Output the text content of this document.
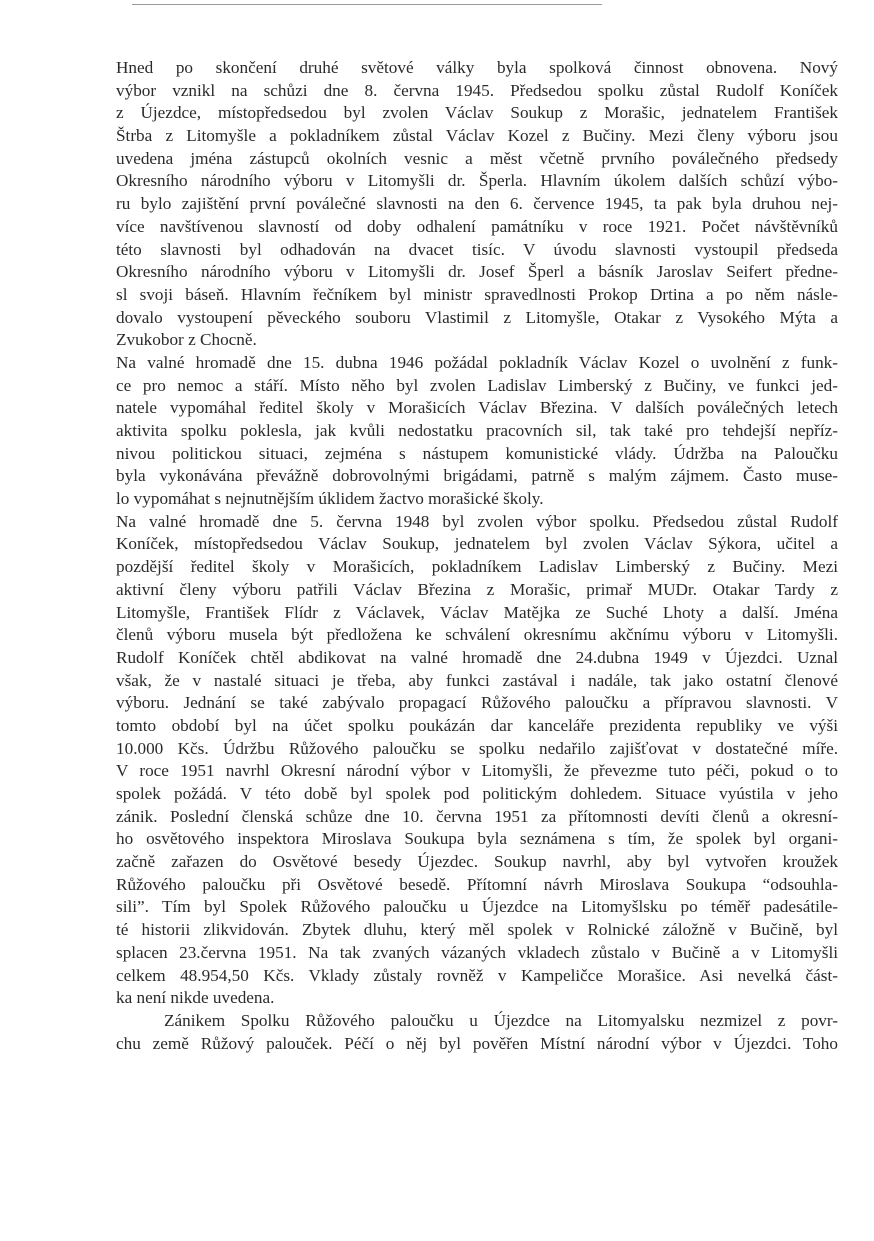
Hned po skončení druhé světové války byla spolková činnost obnovena. Nový
výbor vznikl na schůzi dne 8. června 1945. Předsedou spolku zůstal Rudolf Koníček
z Újezdce, místopředsedou byl zvolen Václav Soukup z Morašic, jednatelem František
Štrba z Litomyšle a pokladníkem zůstal Václav Kozel z Bučiny. Mezi členy výboru jsou
uvedena jména zástupců okolních vesnic a měst včetně prvního poválečného předsedy
Okresního národního výboru v Litomyšli dr. Šperla. Hlavním úkolem dalších schůzí výbo-
ru bylo zajištění první poválečné slavnosti na den 6. července 1945, ta pak byla druhou nej-
více navštívenou slavností od doby odhalení památníku v roce 1921. Počet návštěvníků
této slavnosti byl odhadován na dvacet tisíc. V úvodu slavnosti vystoupil předseda
Okresního národního výboru v Litomyšli dr. Josef Šperl a básník Jaroslav Seifert předne-
sl svoji báseň. Hlavním řečníkem byl ministr spravedlnosti Prokop Drtina a po něm násle-
dovalo vystoupení pěveckého souboru Vlastimil z Litomyšle, Otakar z Vysokého Mýta a
Zvukobor z Chocně.
Na valné hromadě dne 15. dubna 1946 požádal pokladník Václav Kozel o uvolnění z funk-
ce pro nemoc a stáří. Místo něho byl zvolen Ladislav Limberský z Bučiny, ve funkci jed-
natele vypomáhal ředitel školy v Morašicích Václav Březina. V dalších poválečných letech
aktivita spolku poklesla, jak kvůli nedostatku pracovních sil, tak také pro tehdejší nepříz-
nivou politickou situaci, zejména s nástupem komunistické vlády. Údržba na Paloučku
byla vykonávána převážně dobrovolnými brigádami, patrně s malým zájmem. Často muse-
lo vypomáhat s nejnutnějším úklidem žactvo morašické školy.
Na valné hromadě dne 5. června 1948 byl zvolen výbor spolku. Předsedou zůstal Rudolf
Koníček, místopředsedou Václav Soukup, jednatelem byl zvolen Václav Sýkora, učitel a
pozdější ředitel školy v Morašicích, pokladníkem Ladislav Limberský z Bučiny. Mezi
aktivní členy výboru patřili Václav Březina z Morašic, primař MUDr. Otakar Tardy z
Litomyšle, František Flídr z Václavek, Václav Matějka ze Suché Lhoty a další. Jména
členů výboru musela být předložena ke schválení okresnímu akčnímu výboru v Litomyšli.
Rudolf Koníček chtěl abdikovat na valné hromadě dne 24.dubna 1949 v Újezdci. Uznal
však, že v nastalé situaci je třeba, aby funkci zastával i nadále, tak jako ostatní členové
výboru. Jednání se také zabývalo propagací Růžového paloučku a přípravou slavnosti. V
tomto období byl na účet spolku poukázán dar kanceláře prezidenta republiky ve výši
10.000 Kčs. Údržbu Růžového paloučku se spolku nedařilo zajišťovat v dostatečné míře.
V roce 1951 navrhl Okresní národní výbor v Litomyšli, že převezme tuto péči, pokud o to
spolek požádá. V této době byl spolek pod politickým dohledem. Situace vyústila v jeho
zánik. Poslední členská schůze dne 10. června 1951 za přítomnosti devíti členů a okresní-
ho osvětového inspektora Miroslava Soukupa byla seznámena s tím, že spolek byl organi-
začně zařazen do Osvětové besedy Újezdec. Soukup navrhl, aby byl vytvořen kroužek
Růžového paloučku při Osvětové besedě. Přítomní návrh Miroslava Soukupa “odsouhla-
sili”. Tím byl Spolek Růžového paloučku u Újezdce na Litomyšlsku po téměř padesátile-
té historii zlikvidován. Zbytek dluhu, který měl spolek v Rolnické záložně v Bučině, byl
splacen 23.června 1951. Na tak zvaných vázaných vkladech zůstalo v Bučině a v Litomyšli
celkem 48.954,50 Kčs. Vklady zůstaly rovněž v Kampeličce Morašice. Asi nevelká část-
ka není nikde uvedena.
Zánikem Spolku Růžového paloučku u Újezdce na Litomyalsku nezmizel z povr-
chu země Růžový palouček. Péčí o něj byl pověřen Místní národní výbor v Újezdci. Toho
